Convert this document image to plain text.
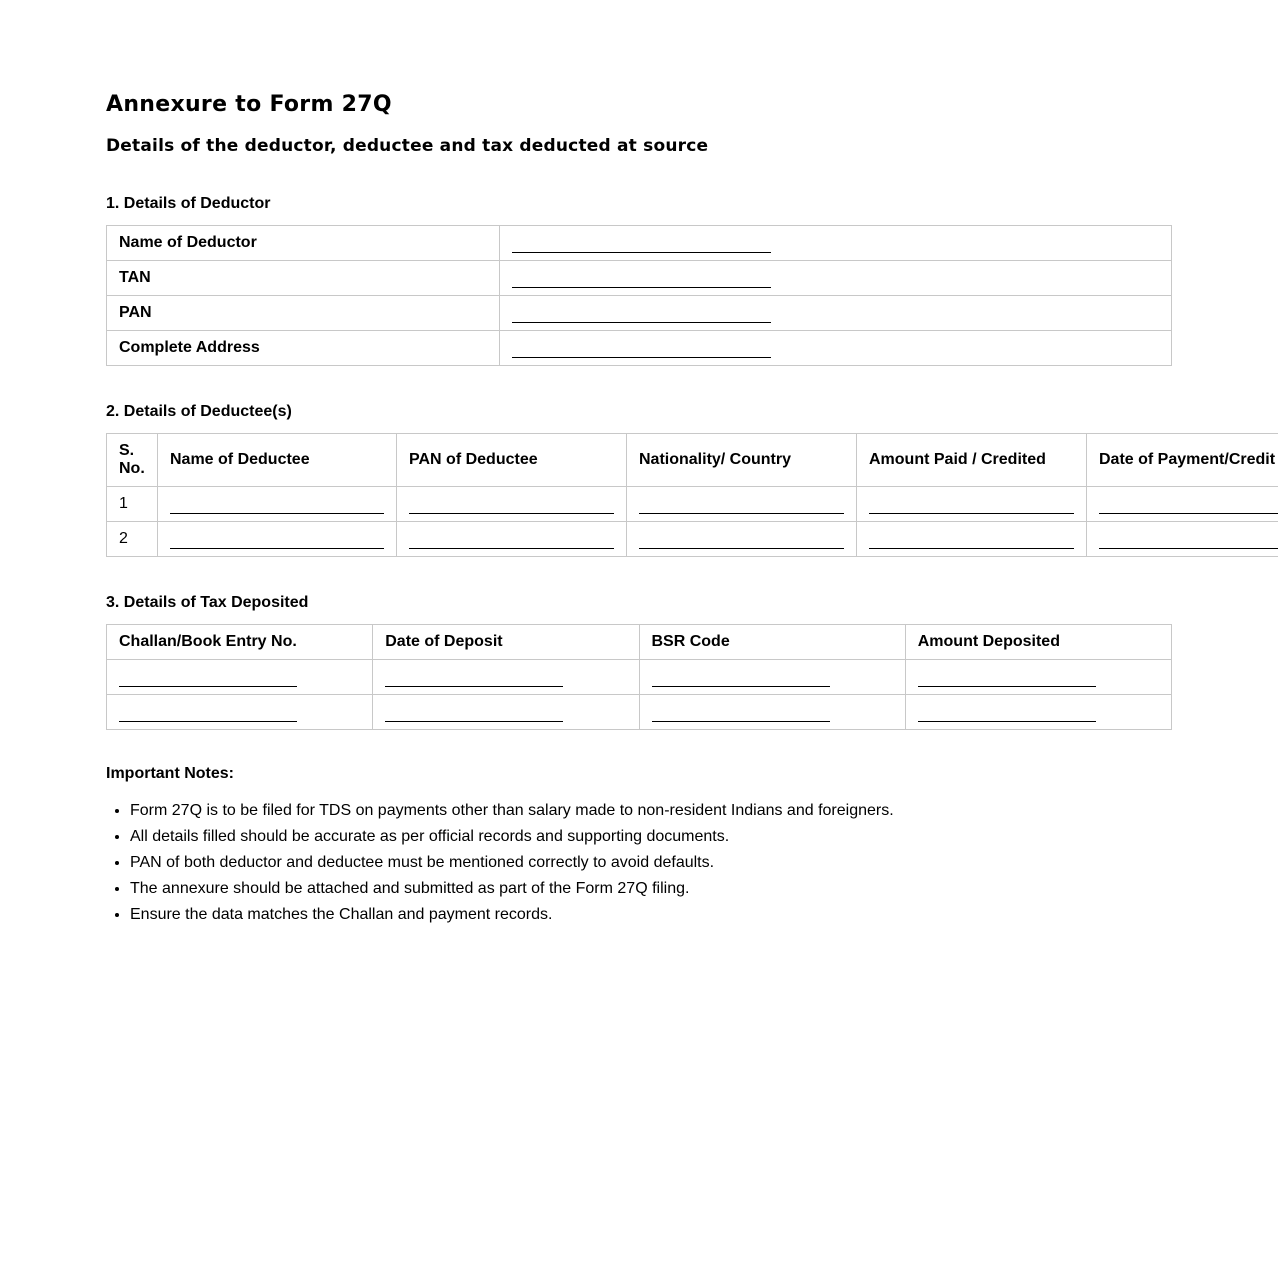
Annexure to Form 27Q
Details of the deductor, deductee and tax deducted at source

1. Details of Deductor

Name of Deductor	
TAN	
PAN	
Complete Address	

2. Details of Deductee(s)

S. No.	Name of Deductee	PAN of Deductee	Nationality/ Country	Amount Paid / Credited	Date of Payment/Credit
1					
2					

3. Details of Tax Deposited

Challan/Book Entry No.	Date of Deposit	BSR Code	Amount Deposited

Important Notes:

• Form 27Q is to be filed for TDS on payments other than salary made to non-resident Indians and foreigners.
• All details filled should be accurate as per official records and supporting documents.
• PAN of both deductor and deductee must be mentioned correctly to avoid defaults.
• The annexure should be attached and submitted as part of the Form 27Q filing.
• Ensure the data matches the Challan and payment records.
